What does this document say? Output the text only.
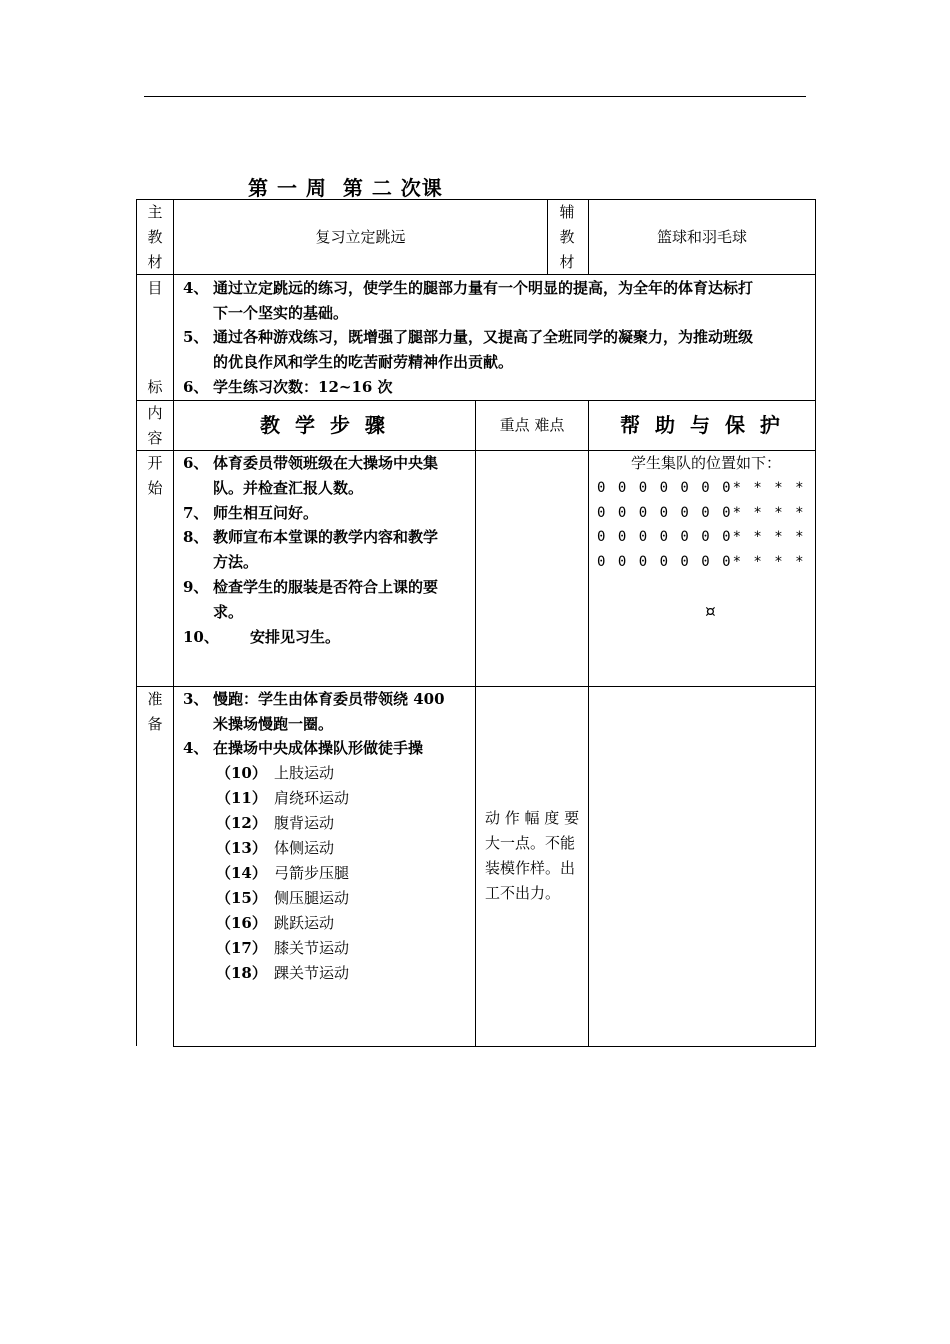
第 一 周  第 二 次课
主
教
材
复习立定跳远
辅
教
材
篮球和羽毛球
目
标
4、 通过立定跳远的练习，使学生的腿部力量有一个明显的提高，为全年的体育达标打
下一个坚实的基础。
5、 通过各种游戏练习，既增强了腿部力量，又提高了全班同学的凝聚力，为推动班级
的优良作风和学生的吃苦耐劳精神作出贡献。
6、 学生练习次数：12~16 次
内
容
教 学 步 骤	重点 难点	帮 助 与 保 护
开
始
6、 体育委员带领班级在大操场中央集
队。并检查汇报人数。
7、 师生相互问好。
8、 教师宣布本堂课的教学内容和教学
方法。
9、 检查学生的服装是否符合上课的要
求。
10、 安排见习生。
学生集队的位置如下：
0 0 0 0 0 0 0* * * *
0 0 0 0 0 0 0* * * *
0 0 0 0 0 0 0* * * *
0 0 0 0 0 0 0* * * *
¤
准
备
3、 慢跑：学生由体育委员带领绕 400
米操场慢跑一圈。
4、 在操场中央成体操队形做徒手操
（10） 上肢运动
（11） 肩绕环运动
（12） 腹背运动
（13） 体侧运动
（14） 弓箭步压腿
（15） 侧压腿运动
（16） 跳跃运动
（17） 膝关节运动
（18） 踝关节运动
动 作 幅 度 要
大一点。不能
装模作样。出
工不出力。
